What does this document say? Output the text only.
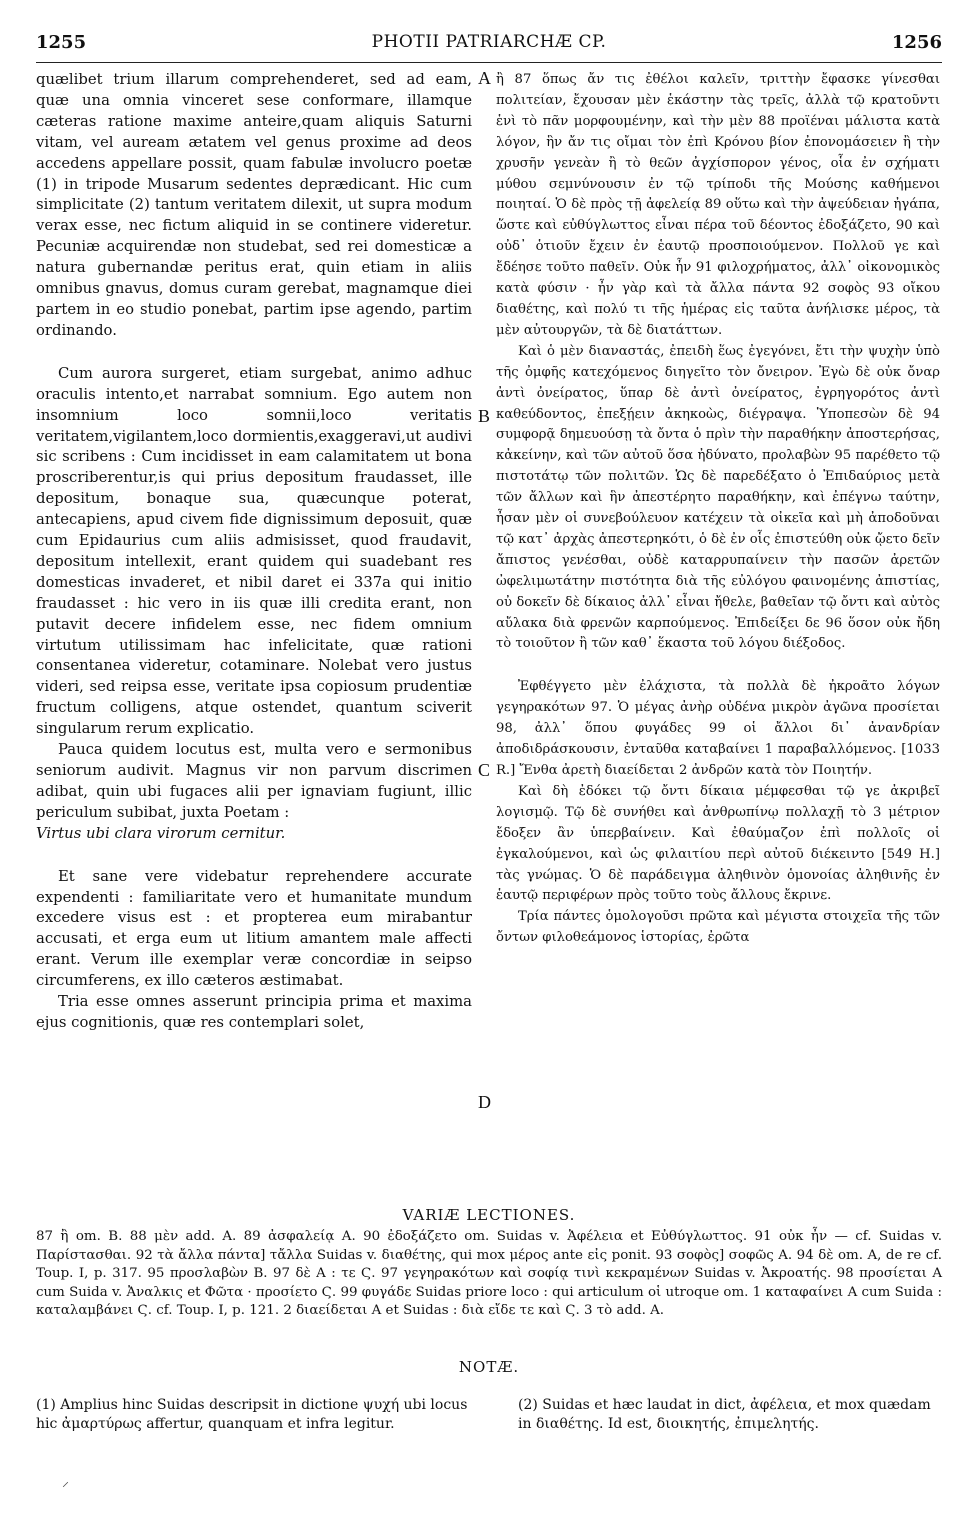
1255	PHOTII PATRIARCHÆ CP.	1256
A
B
C
D

quælibet trium illarum comprehenderet, sed ad eam, quæ una omnia vinceret sese conformare, illamque cæteras ratione maxime anteire,quam aliquis Saturni vitam, vel auream ætatem vel genus proxime ad deos accedens appellare possit, quam fabulæ involucro poetæ (1) in tripode Musarum sedentes deprædicant. Hic cum simplicitate (2) tantum veritatem dilexit, ut supra modum verax esse, nec fictum aliquid in se continere videretur. Pecuniæ acquirendæ non studebat, sed rei domesticæ a natura gubernandæ peritus erat, quin etiam in aliis omnibus gnavus, domus curam gerebat, magnamque diei partem in eo studio ponebat, partim ipse agendo, partim ordinando.

Cum aurora surgeret, etiam surgebat, animo adhuc oraculis intento,et narrabat somnium. Ego autem non insomnium loco somnii,loco veritatis veritatem,vigilantem,loco dormientis,exaggeravi,ut audivi sic scribens : Cum incidisset in eam calamitatem ut bona proscriberentur,is qui prius depositum fraudasset, ille depositum, bonaque sua, quæcunque poterat, antecapiens, apud civem fide dignissimum deposuit, quæ cum Epidaurius cum aliis admisisset, quod fraudavit, depositum intellexit, erant quidem qui suadebant res domesticas invaderet, et nibil daret ei 337a qui initio fraudasset : hic vero in iis quæ illi credita erant, non putavit decere infidelem esse, nec fidem omnium virtutum utilissimam hac infelicitate, quæ rationi consentanea videretur, cotaminare. Nolebat vero justus videri, sed reipsa esse, veritate ipsa copiosum prudentiæ fructum colligens, atque ostendet, quantum sciverit singularum rerum explicatio.

Pauca quidem locutus est, multa vero e sermonibus seniorum audivit. Magnus vir non parvum discrimen adibat, quin ubi fugaces alii per ignaviam fugiunt, illic periculum subibat, juxta Poetam :

Virtus ubi clara virorum cernitur.

Et sane vere videbatur reprehendere accurate expendenti : familiaritate vero et humanitate mundum excedere visus est : et propterea eum mirabantur accusati, et erga eum ut litium amantem male affecti erant. Verum ille exemplar veræ concordiæ in seipso circumferens, ex illo cæteros æstimabat.

Tria esse omnes asserunt principia prima et maxima ejus cognitionis, quæ res contemplari solet,

ἢ 87 ὅπως ἄν τις ἐθέλοι καλεῖν, τριττὴν ἔφασκε γίνεσθαι πολιτείαν, ἔχουσαν μὲν ἑκάστην τὰς τρεῖς, ἀλλὰ τῷ κρατοῦντι ἑνὶ τὸ πᾶν μορφουμένην, καὶ τὴν μὲν 88 προϊέναι μάλιστα κατὰ λόγον, ἣν ἄν τις οἴμαι τὸν ἐπὶ Κρόνου βίον ἐπονομάσειεν ἢ τὴν χρυσῆν γενεὰν ἢ τὸ θεῶν ἀγχίσπορον γένος, οἷα ἐν σχήματι μύθου σεμνύνουσιν ἐν τῷ τρίποδι τῆς Μούσης καθήμενοι ποιηταί. Ὁ δὲ πρὸς τῇ ἀφελείᾳ 89 οὕτω καὶ τὴν ἀψεύδειαν ἠγάπα, ὥστε καὶ εὐθύγλωττος εἶναι πέρα τοῦ δέοντος ἐδοξάζετο, 90 καὶ οὐδ᾽ ὁτιοῦν ἔχειν ἐν ἑαυτῷ προσποιούμενον. Πολλοῦ γε καὶ ἔδέησε τοῦτο παθεῖν. Οὐκ ἦν 91 φιλοχρήματος, ἀλλ᾽ οἰκονομικὸς κατὰ φύσιν · ἦν γὰρ καὶ τὰ ἄλλα πάντα 92 σοφὸς 93 οἴκου διαθέτης, καὶ πολύ τι τῆς ἡμέρας εἰς ταῦτα ἀνήλισκε μέρος, τὰ μὲν αὐτουργῶν, τὰ δὲ διατάττων.

Καὶ ὁ μὲν διαναστάς, ἐπειδὴ ἕως ἐγεγόνει, ἔτι τὴν ψυχὴν ὑπὸ τῆς ὀμφῆς κατεχόμενος διηγεῖτο τὸν ὄνειρον. Ἐγὼ δὲ οὐκ ὄναρ ἀντὶ ὀνείρατος, ὕπαρ δὲ ἀντὶ ὀνείρατος, ἐγρηγορότος ἀντὶ καθεύδοντος, ἐπεξῄειν ἀκηκοὼς, διέγραψα. Ὑποπεσὼν δὲ 94 συμφορᾷ δημευούσῃ τὰ ὄντα ὁ πρὶν τὴν παραθήκην ἀποστερήσας, κἀκείνην, καὶ τῶν αὐτοῦ ὅσα ἠδύνατο, προλαβὼν 95 παρέθετο τῷ πιστοτάτῳ τῶν πολιτῶν. Ὡς δὲ παρεδέξατο ὁ Ἐπιδαύριος μετὰ τῶν ἄλλων καὶ ἣν ἀπεστέρητο παραθήκην, καὶ ἐπέγνω ταύτην, ἦσαν μὲν οἱ συνεβούλευον κατέχειν τὰ οἰκεῖα καὶ μὴ ἀποδοῦναι τῷ κατ᾽ ἀρχὰς ἀπεστερηκότι, ὁ δὲ ἐν οἷς ἐπιστεύθη οὐκ ᾤετο δεῖν ἄπιστος γενέσθαι, οὐδὲ καταρρυπαίνειν τὴν πασῶν ἀρετῶν ὠφελιμωτάτην πιστότητα διὰ τῆς εὐλόγου φαινομένης ἀπιστίας, οὐ δοκεῖν δὲ δίκαιος ἀλλ᾽ εἶναι ἤθελε, βαθεῖαν τῷ ὄντι καὶ αὐτὸς αὔλακα διὰ φρενῶν καρπούμενος. Ἐπιδείξει δε 96 ὅσον οὐκ ἤδη τὸ τοιοῦτον ἢ τῶν καθ᾽ ἕκαστα τοῦ λόγου διέξοδος.

Ἐφθέγγετο μὲν ἐλάχιστα, τὰ πολλὰ δὲ ἠκροᾶτο λόγων γεγηρακότων 97. Ὁ μέγας ἀνὴρ οὐδένα μικρὸν ἀγῶνα προσίεται 98, ἀλλ᾽ ὅπου φυγάδες 99 οἱ ἄλλοι δι᾽ ἀνανδρίαν ἀποδιδράσκουσιν, ἐνταῦθα καταβαίνει 1 παραβαλλόμενος. [1033 R.] Ἔνθα ἀρετὴ διαείδεται 2 ἀνδρῶν κατὰ τὸν Ποιητήν.

Καὶ δὴ ἐδόκει τῷ ὄντι δίκαια μέμφεσθαι τῷ γε ἀκριβεῖ λογισμῷ. Τῷ δὲ συνήθει καὶ ἀνθρωπίνῳ πολλαχῇ τὸ 3 μέτριον ἔδοξεν ἂν ὑπερβαίνειν. Καὶ ἐθαύμαζον ἐπὶ πολλοῖς οἱ ἐγκαλούμενοι, καὶ ὡς φιλαιτίου περὶ αὐτοῦ διέκειντο [549 H.] τὰς γνώμας. Ὁ δὲ παράδειγμα ἀληθινὸν ὁμονοίας ἀληθινῆς ἐν ἑαυτῷ περιφέρων πρὸς τοῦτο τοὺς ἄλλους ἔκρινε.

Τρία πάντες ὁμολογοῦσι πρῶτα καὶ μέγιστα στοιχεῖα τῆς τῶν ὄντων φιλοθεάμονος ἱστορίας, ἐρῶτα

VARIÆ LECTIONES.

87 ἢ om. B. 88 μὲν add. A. 89 ἀσφαλείᾳ A. 90 ἐδοξάζετο om. Suidas v. Ἀφέλεια et Εὐθύγλωττος. 91 οὐκ ἦν — cf. Suidas v. Παρίστασθαι. 92 τὰ ἄλλα πάντα] τἄλλα Suidas v. διαθέτης, qui mox μέρος ante εἰς ponit. 93 σοφὸς] σοφῶς A. 94 δὲ om. A, de re cf. Toup. I, p. 317. 95 προσλαβὼν B. 97 δὲ A : τε Ϛ. 97 γεγηρακότων καὶ σοφίᾳ τινὶ κεκραμένων Suidas v. Ἀκροατής. 98 προσίεται A cum Suida v. Ἀναλκις et Φῶτα · προσίετο Ϛ. 99 φυγάδε Suidas priore loco : qui articulum οἱ utroque om. 1 καταφαίνει A cum Suida : καταλαμβάνει Ϛ. cf. Toup. I, p. 121. 2 διαείδεται A et Suidas : διὰ εἴδε τε καὶ Ϛ. 3 τὸ add. A.

NOTÆ.

(1) Amplius hinc Suidas descripsit in dictione ψυχή ubi locus hic ἀμαρτύρως affertur, quanquam et infra legitur.

(2) Suidas et hæc laudat in dict, ἀφέλεια, et mox quædam in διαθέτης. Id est, διοικητής, ἐπιμελητής.

⸝
